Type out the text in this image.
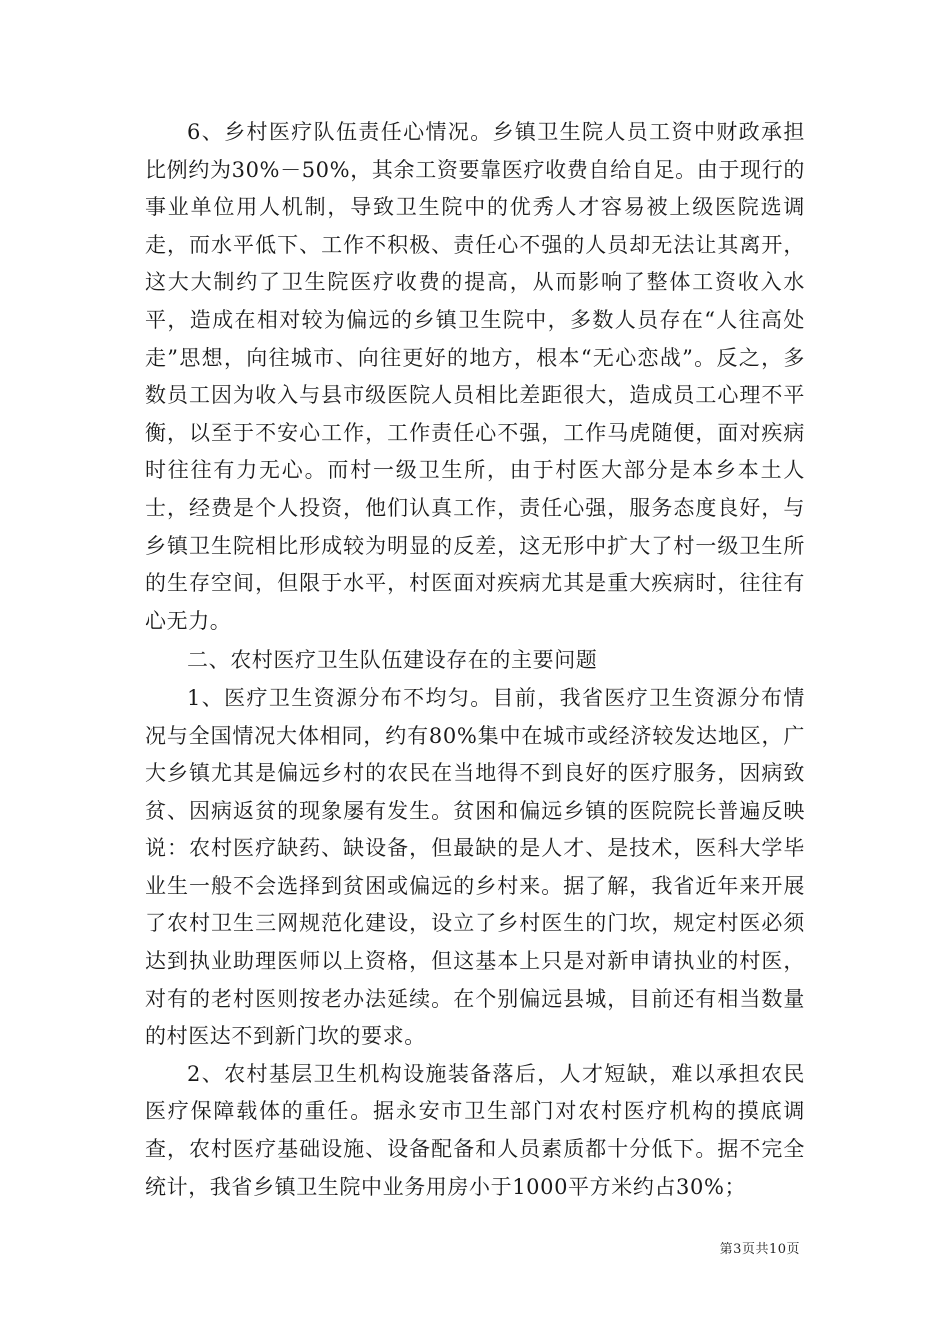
6、乡村医疗队伍责任心情况。乡镇卫生院人员工资中财政承担比例约为30%－50%，其余工资要靠医疗收费自给自足。由于现行的事业单位用人机制，导致卫生院中的优秀人才容易被上级医院选调走，而水平低下、工作不积极、责任心不强的人员却无法让其离开，这大大制约了卫生院医疗收费的提高，从而影响了整体工资收入水平，造成在相对较为偏远的乡镇卫生院中，多数人员存在“人往高处走”思想，向往城市、向往更好的地方，根本“无心恋战”。反之，多数员工因为收入与县市级医院人员相比差距很大，造成员工心理不平衡，以至于不安心工作，工作责任心不强，工作马虎随便，面对疾病时往往有力无心。而村一级卫生所，由于村医大部分是本乡本土人士，经费是个人投资，他们认真工作，责任心强，服务态度良好，与乡镇卫生院相比形成较为明显的反差，这无形中扩大了村一级卫生所的生存空间，但限于水平，村医面对疾病尤其是重大疾病时，往往有心无力。

二、农村医疗卫生队伍建设存在的主要问题

1、医疗卫生资源分布不均匀。目前，我省医疗卫生资源分布情况与全国情况大体相同，约有80%集中在城市或经济较发达地区，广大乡镇尤其是偏远乡村的农民在当地得不到良好的医疗服务，因病致贫、因病返贫的现象屡有发生。贫困和偏远乡镇的医院院长普遍反映说：农村医疗缺药、缺设备，但最缺的是人才、是技术，医科大学毕业生一般不会选择到贫困或偏远的乡村来。据了解，我省近年来开展了农村卫生三网规范化建设，设立了乡村医生的门坎，规定村医必须达到执业助理医师以上资格，但这基本上只是对新申请执业的村医，对有的老村医则按老办法延续。在个别偏远县城，目前还有相当数量的村医达不到新门坎的要求。

2、农村基层卫生机构设施装备落后，人才短缺，难以承担农民医疗保障载体的重任。据永安市卫生部门对农村医疗机构的摸底调查，农村医疗基础设施、设备配备和人员素质都十分低下。据不完全统计，我省乡镇卫生院中业务用房小于1000平方米约占30%；

第3页共10页
